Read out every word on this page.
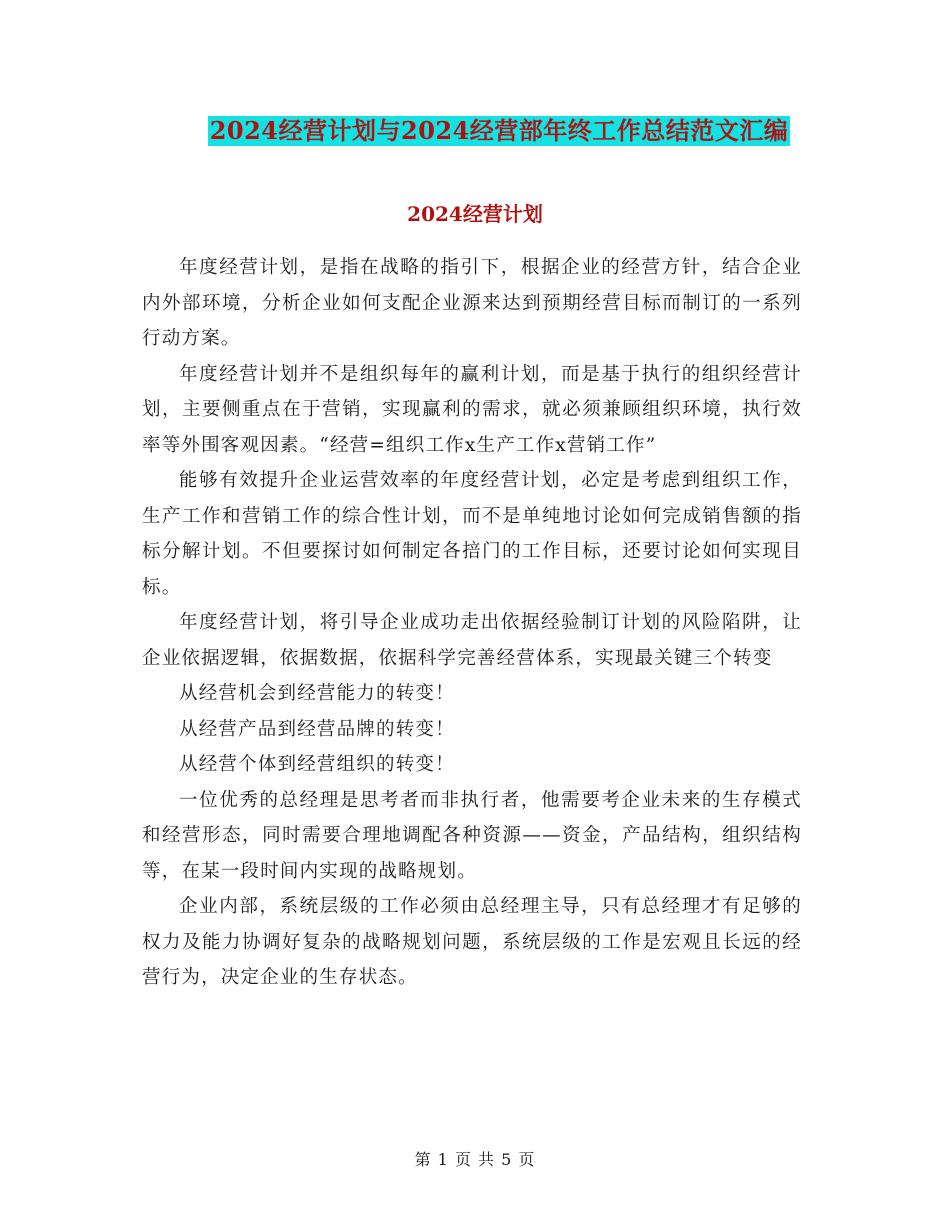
2024经营计划与2024经营部年终工作总结范文汇编
2024经营计划

年度经营计划，是指在战略的指引下，根据企业的经营方针，结合企业内外部环境，分析企业如何支配企业源来达到预期经营目标而制订的一系列行动方案。

年度经营计划并不是组织每年的赢利计划，而是基于执行的组织经营计划，主要侧重点在于营销，实现赢利的需求，就必须兼顾组织环境，执行效率等外围客观因素。“经营=组织工作x生产工作x营销工作”

能够有效提升企业运营效率的年度经营计划，必定是考虑到组织工作，生产工作和营销工作的综合性计划，而不是单纯地讨论如何完成销售额的指标分解计划。不但要探讨如何制定各掊门的工作目标，还要讨论如何实现目标。

年度经营计划，将引导企业成功走出依据经验制订计划的风险陷阱，让企业依据逻辑，依据数据，依据科学完善经营体系，实现最关键三个转变

从经营机会到经营能力的转变！

从经营产品到经营品牌的转变！

从经营个体到经营组织的转变！

一位优秀的总经理是思考者而非执行者，他需要考企业未来的生存模式和经营形态，同时需要合理地调配各种资源——资金，产品结构，组织结构等，在某一段时间内实现的战略规划。

企业内部，系统层级的工作必须由总经理主导，只有总经理才有足够的权力及能力协调好复杂的战略规划问题，系统层级的工作是宏观且长远的经营行为，决定企业的生存状态。

第 1 页 共 5 页
